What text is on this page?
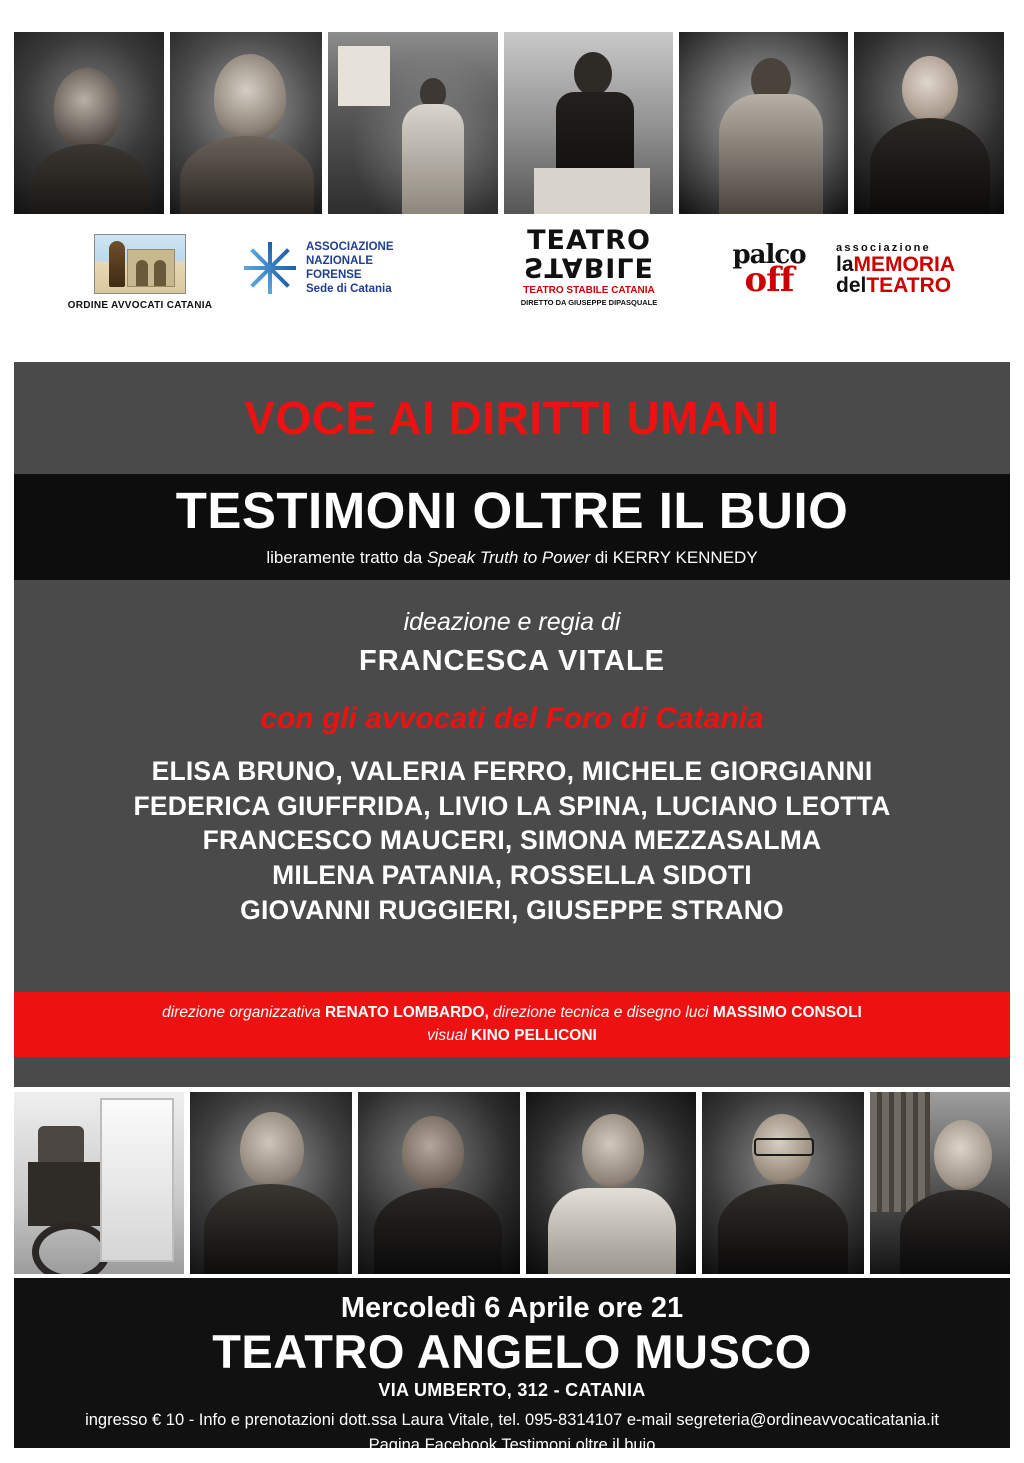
ORDINE AVVOCATI CATANIA
ASSOCIAZIONE
NAZIONALE
FORENSE
Sede di Catania
TEATRO
STABILE
TEATRO STABILE CATANIA
DIRETTO DA GIUSEPPE DIPASQUALE
palco
off
associazione
laMEMORIA
delTEATRO
VOCE AI DIRITTI UMANI
TESTIMONI OLTRE IL BUIO
liberamente tratto da Speak Truth to Power di KERRY KENNEDY
ideazione e regia di
FRANCESCA VITALE
con gli avvocati del Foro di Catania
ELISA BRUNO, VALERIA FERRO, MICHELE GIORGIANNI
FEDERICA GIUFFRIDA, LIVIO LA SPINA, LUCIANO LEOTTA
FRANCESCO MAUCERI, SIMONA MEZZASALMA
MILENA PATANIA, ROSSELLA SIDOTI
GIOVANNI RUGGIERI, GIUSEPPE STRANO
direzione organizzativa RENATO LOMBARDO, direzione tecnica e disegno luci MASSIMO CONSOLI
visual KINO PELLICONI
Mercoledì 6 Aprile ore 21
TEATRO ANGELO MUSCO
VIA UMBERTO, 312 - CATANIA
ingresso € 10 - Info e prenotazioni dott.ssa Laura Vitale, tel. 095-8314107 e-mail segreteria@ordineavvocaticatania.it
Pagina Facebook Testimoni oltre il buio
